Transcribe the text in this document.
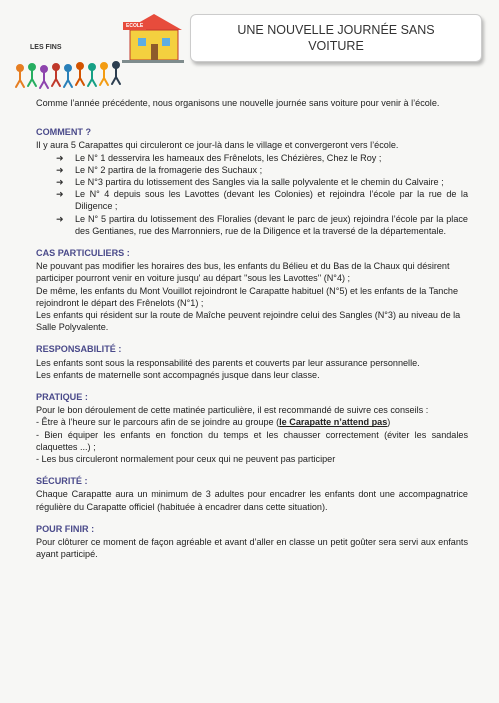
LES FINS
ECOLE	UNE NOUVELLE JOURNÉE SANS VOITURE

Comme l’année précédente, nous organisons une nouvelle journée sans voiture pour venir à l’école.

COMMENT ?

Il y aura 5 Carapattes qui circuleront ce jour-là dans le village et convergeront vers l’école.

➜ Le N° 1 desservira les hameaux des Frênelots, les Chézières, Chez le Roy ;
➜ Le N° 2 partira de la fromagerie des Suchaux ;
➜ Le N°3 partira du lotissement des Sangles via la salle polyvalente et le chemin du Calvaire ;
➜ Le N° 4 depuis sous les Lavottes (devant les Colonies) et rejoindra l’école par la rue de la Diligence ;
➜ Le N° 5 partira du lotissement des Floralies (devant le parc de jeux) rejoindra l’école par la place des Gentianes, rue des Marronniers, rue de la Diligence et la traversé de la départementale.

CAS PARTICULIERS :

Ne pouvant pas modifier les horaires des bus, les enfants du Bélieu et du Bas de la Chaux qui désirent participer pourront venir en voiture jusqu' au départ ''sous les Lavottes'' (N°4) ;

De même, les enfants du Mont Vouillot rejoindront le Carapatte habituel (N°5) et les enfants de la Tanche rejoindront le départ des Frênelots (N°1) ;

Les enfants qui résident sur la route de Maîche peuvent rejoindre celui des Sangles (N°3) au niveau de la Salle Polyvalente.

RESPONSABILITÉ :

Les enfants sont sous la responsabilité des parents et couverts par leur assurance personnelle.

Les enfants de maternelle sont accompagnés jusque dans leur classe.

PRATIQUE :

Pour le bon déroulement de cette matinée particulière, il est recommandé de suivre ces conseils :

- Être à l’heure sur le parcours afin de se joindre au groupe (le Carapatte n’attend pas)

- Bien équiper les enfants en fonction du temps et les chausser correctement (éviter les sandales claquettes ...) ;

- Les bus circuleront normalement pour ceux qui ne peuvent pas participer

SÉCURITÉ :

Chaque Carapatte aura un minimum de 3 adultes pour encadrer les enfants dont une accompagnatrice régulière du Carapatte officiel (habituée à encadrer dans cette situation).

POUR FINIR :

Pour clôturer ce moment de façon agréable et avant d’aller en classe un petit goûter sera servi aux enfants ayant participé.
